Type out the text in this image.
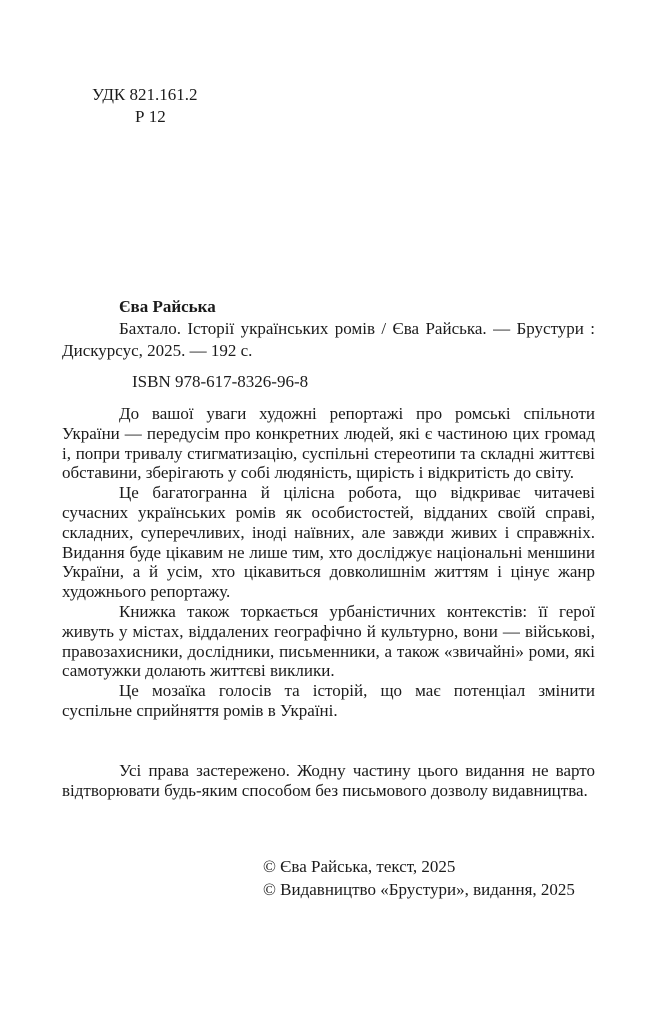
УДК 821.161.2
Р 12

Єва Райська

Бахтало. Історії українських ромів / Єва Райська. — Брустури : Дискурсус, 2025. — 192 с.

ISBN 978-617-8326-96-8

До вашої уваги художні репортажі про ромські спільноти України — передусім про конкретних людей, які є частиною цих громад і, попри тривалу стигматизацію, суспільні стереотипи та складні життєві обставини, зберігають у собі людяність, щирість і відкритість до світу.

Це багатогранна й цілісна робота, що відкриває читачеві сучасних українських ромів як особистостей, відданих своїй справі, складних, суперечливих, іноді наївних, але завжди живих і справжніх. Видання буде цікавим не лише тим, хто досліджує національні меншини України, а й усім, хто цікавиться довколишнім життям і цінує жанр художнього репортажу.

Книжка також торкається урбаністичних контекстів: її герої живуть у містах, віддалених географічно й культурно, вони — військові, правозахисники, дослідники, письменники, а також «звичайні» роми, які самотужки долають життєві виклики.

Це мозаїка голосів та історій, що має потенціал змінити суспільне сприйняття ромів в Україні.

Усі права застережено. Жодну частину цього видання не варто відтворювати будь-яким способом без письмового дозволу видавництва.

© Єва Райська, текст, 2025
© Видавництво «Брустури», видання, 2025
